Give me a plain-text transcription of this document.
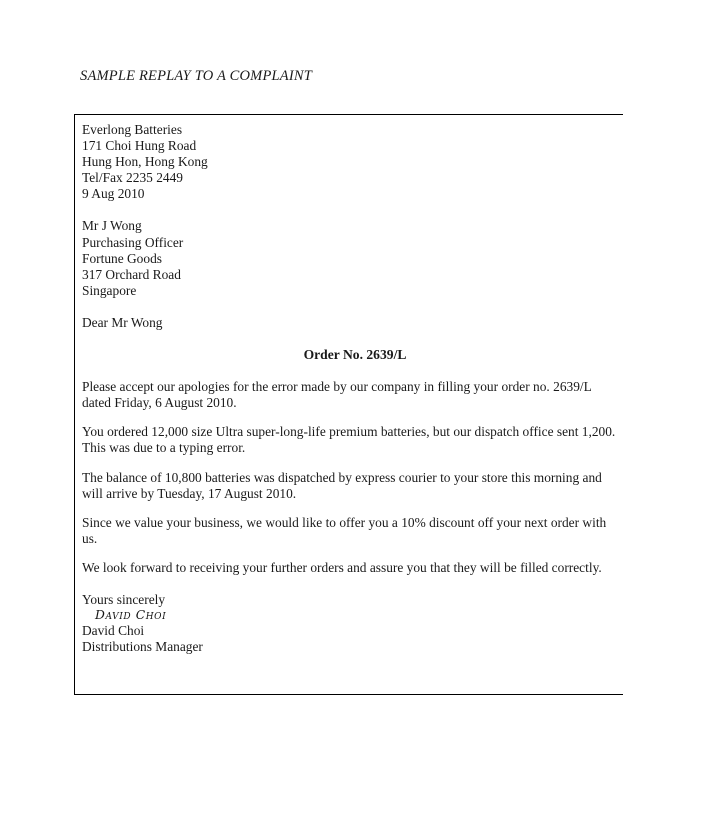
SAMPLE REPLAY TO A COMPLAINT
Everlong Batteries
171 Choi Hung Road
Hung Hon, Hong Kong
Tel/Fax 2235 2449
9 Aug 2010
Mr J Wong
Purchasing Officer
Fortune Goods
317 Orchard Road
Singapore
Dear Mr Wong
Order No. 2639/L
Please accept our apologies for the error made by our company in filling your order no. 2639/L dated Friday, 6 August 2010.
You ordered 12,000 size Ultra super-long-life premium batteries, but our dispatch office sent 1,200. This was due to a typing error.
The balance of 10,800 batteries was dispatched by express courier to your store this morning and will arrive by Tuesday, 17 August 2010.
Since we value your business, we would like to offer you a 10% discount off your next order with us.
We look forward to receiving your further orders and assure you that they will be filled correctly.
Yours sincerely
David Choi
David Choi
Distributions Manager
